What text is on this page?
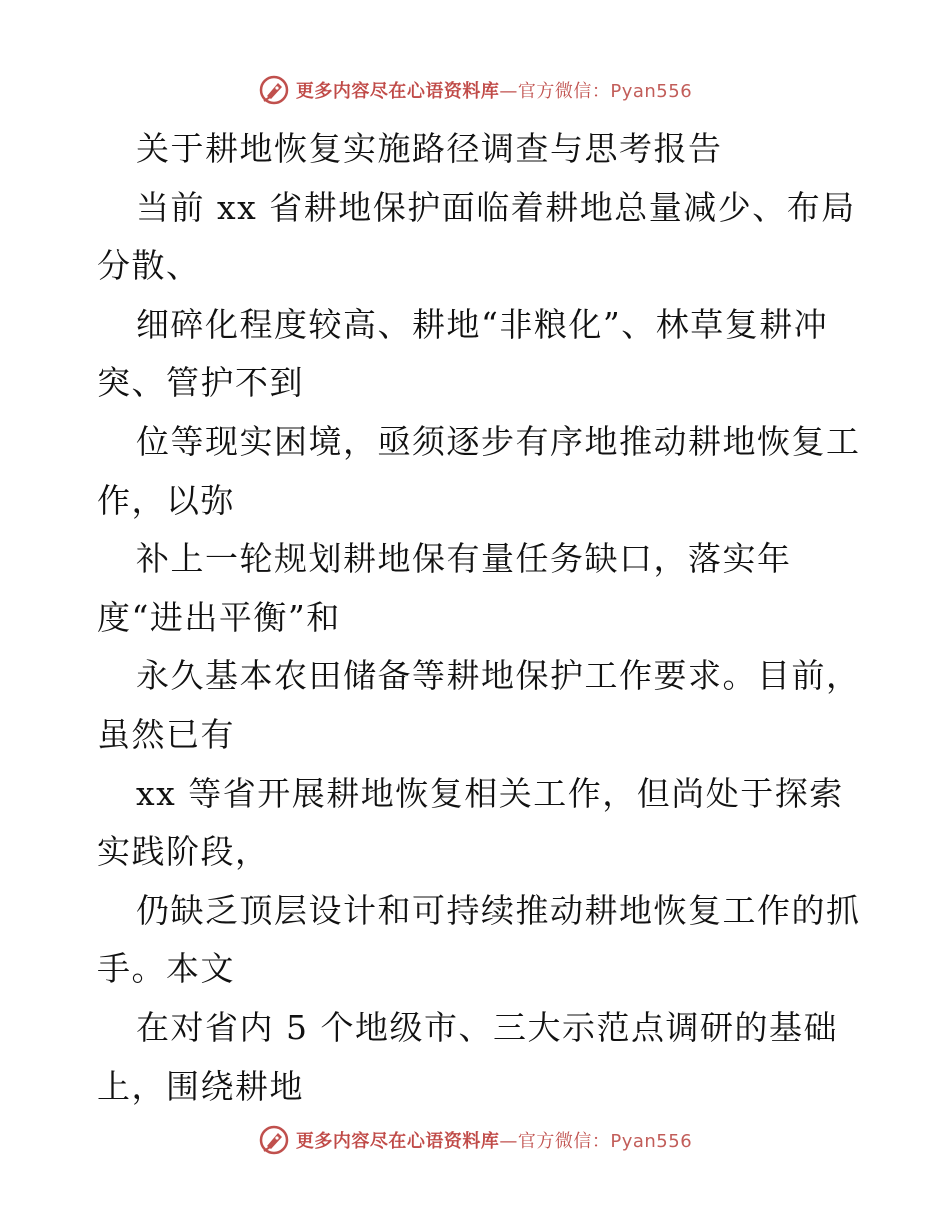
更多内容尽在心语资料库—官方微信：Pyan556
关于耕地恢复实施路径调查与思考报告
当前 xx 省耕地保护面临着耕地总量减少、布局
分散、
细碎化程度较高、耕地“非粮化”、林草复耕冲
突、管护不到
位等现实困境，亟须逐步有序地推动耕地恢复工
作，以弥
补上一轮规划耕地保有量任务缺口，落实年
度“进出平衡”和
永久基本农田储备等耕地保护工作要求。目前，
虽然已有
xx 等省开展耕地恢复相关工作，但尚处于探索
实践阶段，
仍缺乏顶层设计和可持续推动耕地恢复工作的抓
手。本文
在对省内 5 个地级市、三大示范点调研的基础
上，围绕耕地
更多内容尽在心语资料库—官方微信：Pyan556
